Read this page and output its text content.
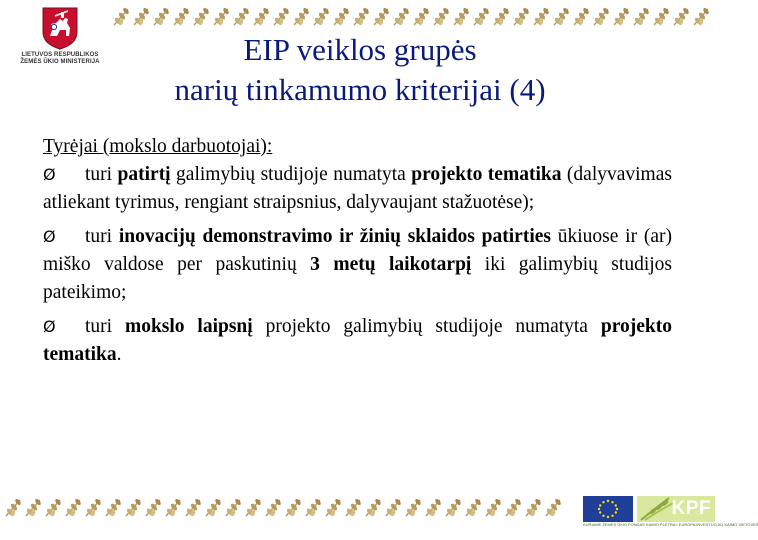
LIETUVOS RESPUBLIKOS
ŽEMĖS ŪKIO MINISTERIJA	EIP veiklos grupės
narių tinkamumo kriterijai (4)
Tyrėjai (mokslo darbuotojai):
Ø turi patirtį galimybių studijoje numatyta projekto tematika (dalyvavimas atliekant tyrimus, rengiant straipsnius, dalyvaujant stažuotėse);
Ø turi inovacijų demonstravimo ir žinių sklaidos patirties ūkiuose ir (ar) miško valdose per paskutinių 3 metų laikotarpį iki galimybių studijos pateikimo;
Ø turi mokslo laipsnį projekto galimybių studijoje numatyta projekto tematika.
KPF
KURIAME ŽEMĖS ŪKIO FONDAS KAIMO PLĖTRAI: EUROPA INVESTUOJA Į KAIMO VIETOVES
